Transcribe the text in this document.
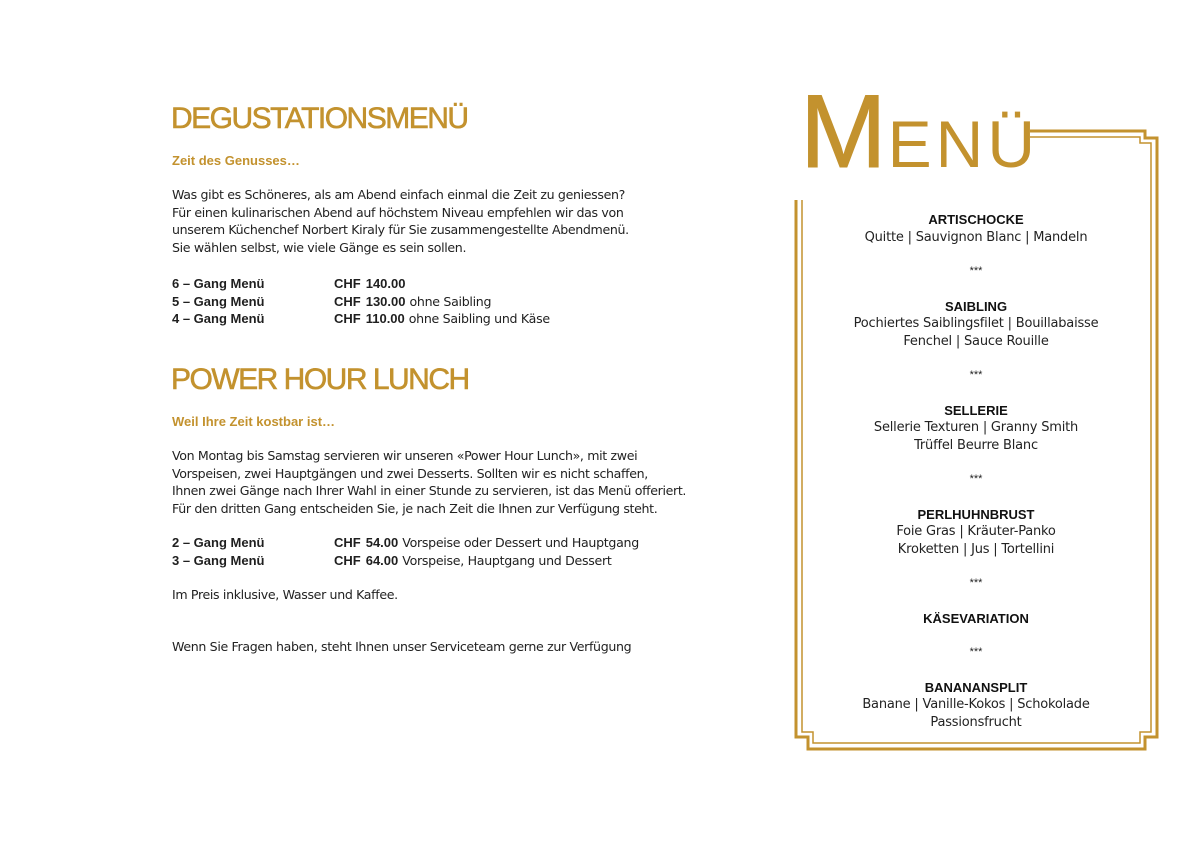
DEGUSTATIONSMENÜ

Zeit des Genusses…

Was gibt es Schöneres, als am Abend einfach einmal die Zeit zu geniessen?
Für einen kulinarischen Abend auf höchstem Niveau empfehlen wir das von
unserem Küchenchef Norbert Kiraly für Sie zusammengestellte Abendmenü.
Sie wählen selbst, wie viele Gänge es sein sollen.
6 – Gang Menü	CHF 140.00
5 – Gang Menü	CHF 130.00 ohne Saibling
4 – Gang Menü	CHF 110.00 ohne Saibling und Käse
POWER HOUR LUNCH

Weil Ihre Zeit kostbar ist…

Von Montag bis Samstag servieren wir unseren «Power Hour Lunch», mit zwei
Vorspeisen, zwei Hauptgängen und zwei Desserts. Sollten wir es nicht schaffen,
Ihnen zwei Gänge nach Ihrer Wahl in einer Stunde zu servieren, ist das Menü offeriert.
Für den dritten Gang entscheiden Sie, je nach Zeit die Ihnen zur Verfügung steht.
2 – Gang Menü	CHF 54.00 Vorspeise oder Dessert und Hauptgang
3 – Gang Menü	CHF 64.00 Vorspeise, Hauptgang und Dessert
Im Preis inklusive, Wasser und Kaffee.
Wenn Sie Fragen haben, steht Ihnen unser Serviceteam gerne zur Verfügung
MENÜ
ARTISCHOCKE
Quitte | Sauvignon Blanc | Mandeln
***
SAIBLING
Pochiertes Saiblingsfilet | Bouillabaisse
Fenchel | Sauce Rouille
***
SELLERIE
Sellerie Texturen | Granny Smith
Trüffel Beurre Blanc
***
PERLHUHNBRUST
Foie Gras | Kräuter-Panko
Kroketten | Jus | Tortellini
***
KÄSEVARIATION
***
BANANANSPLIT
Banane | Vanille-Kokos | Schokolade
Passionsfrucht
